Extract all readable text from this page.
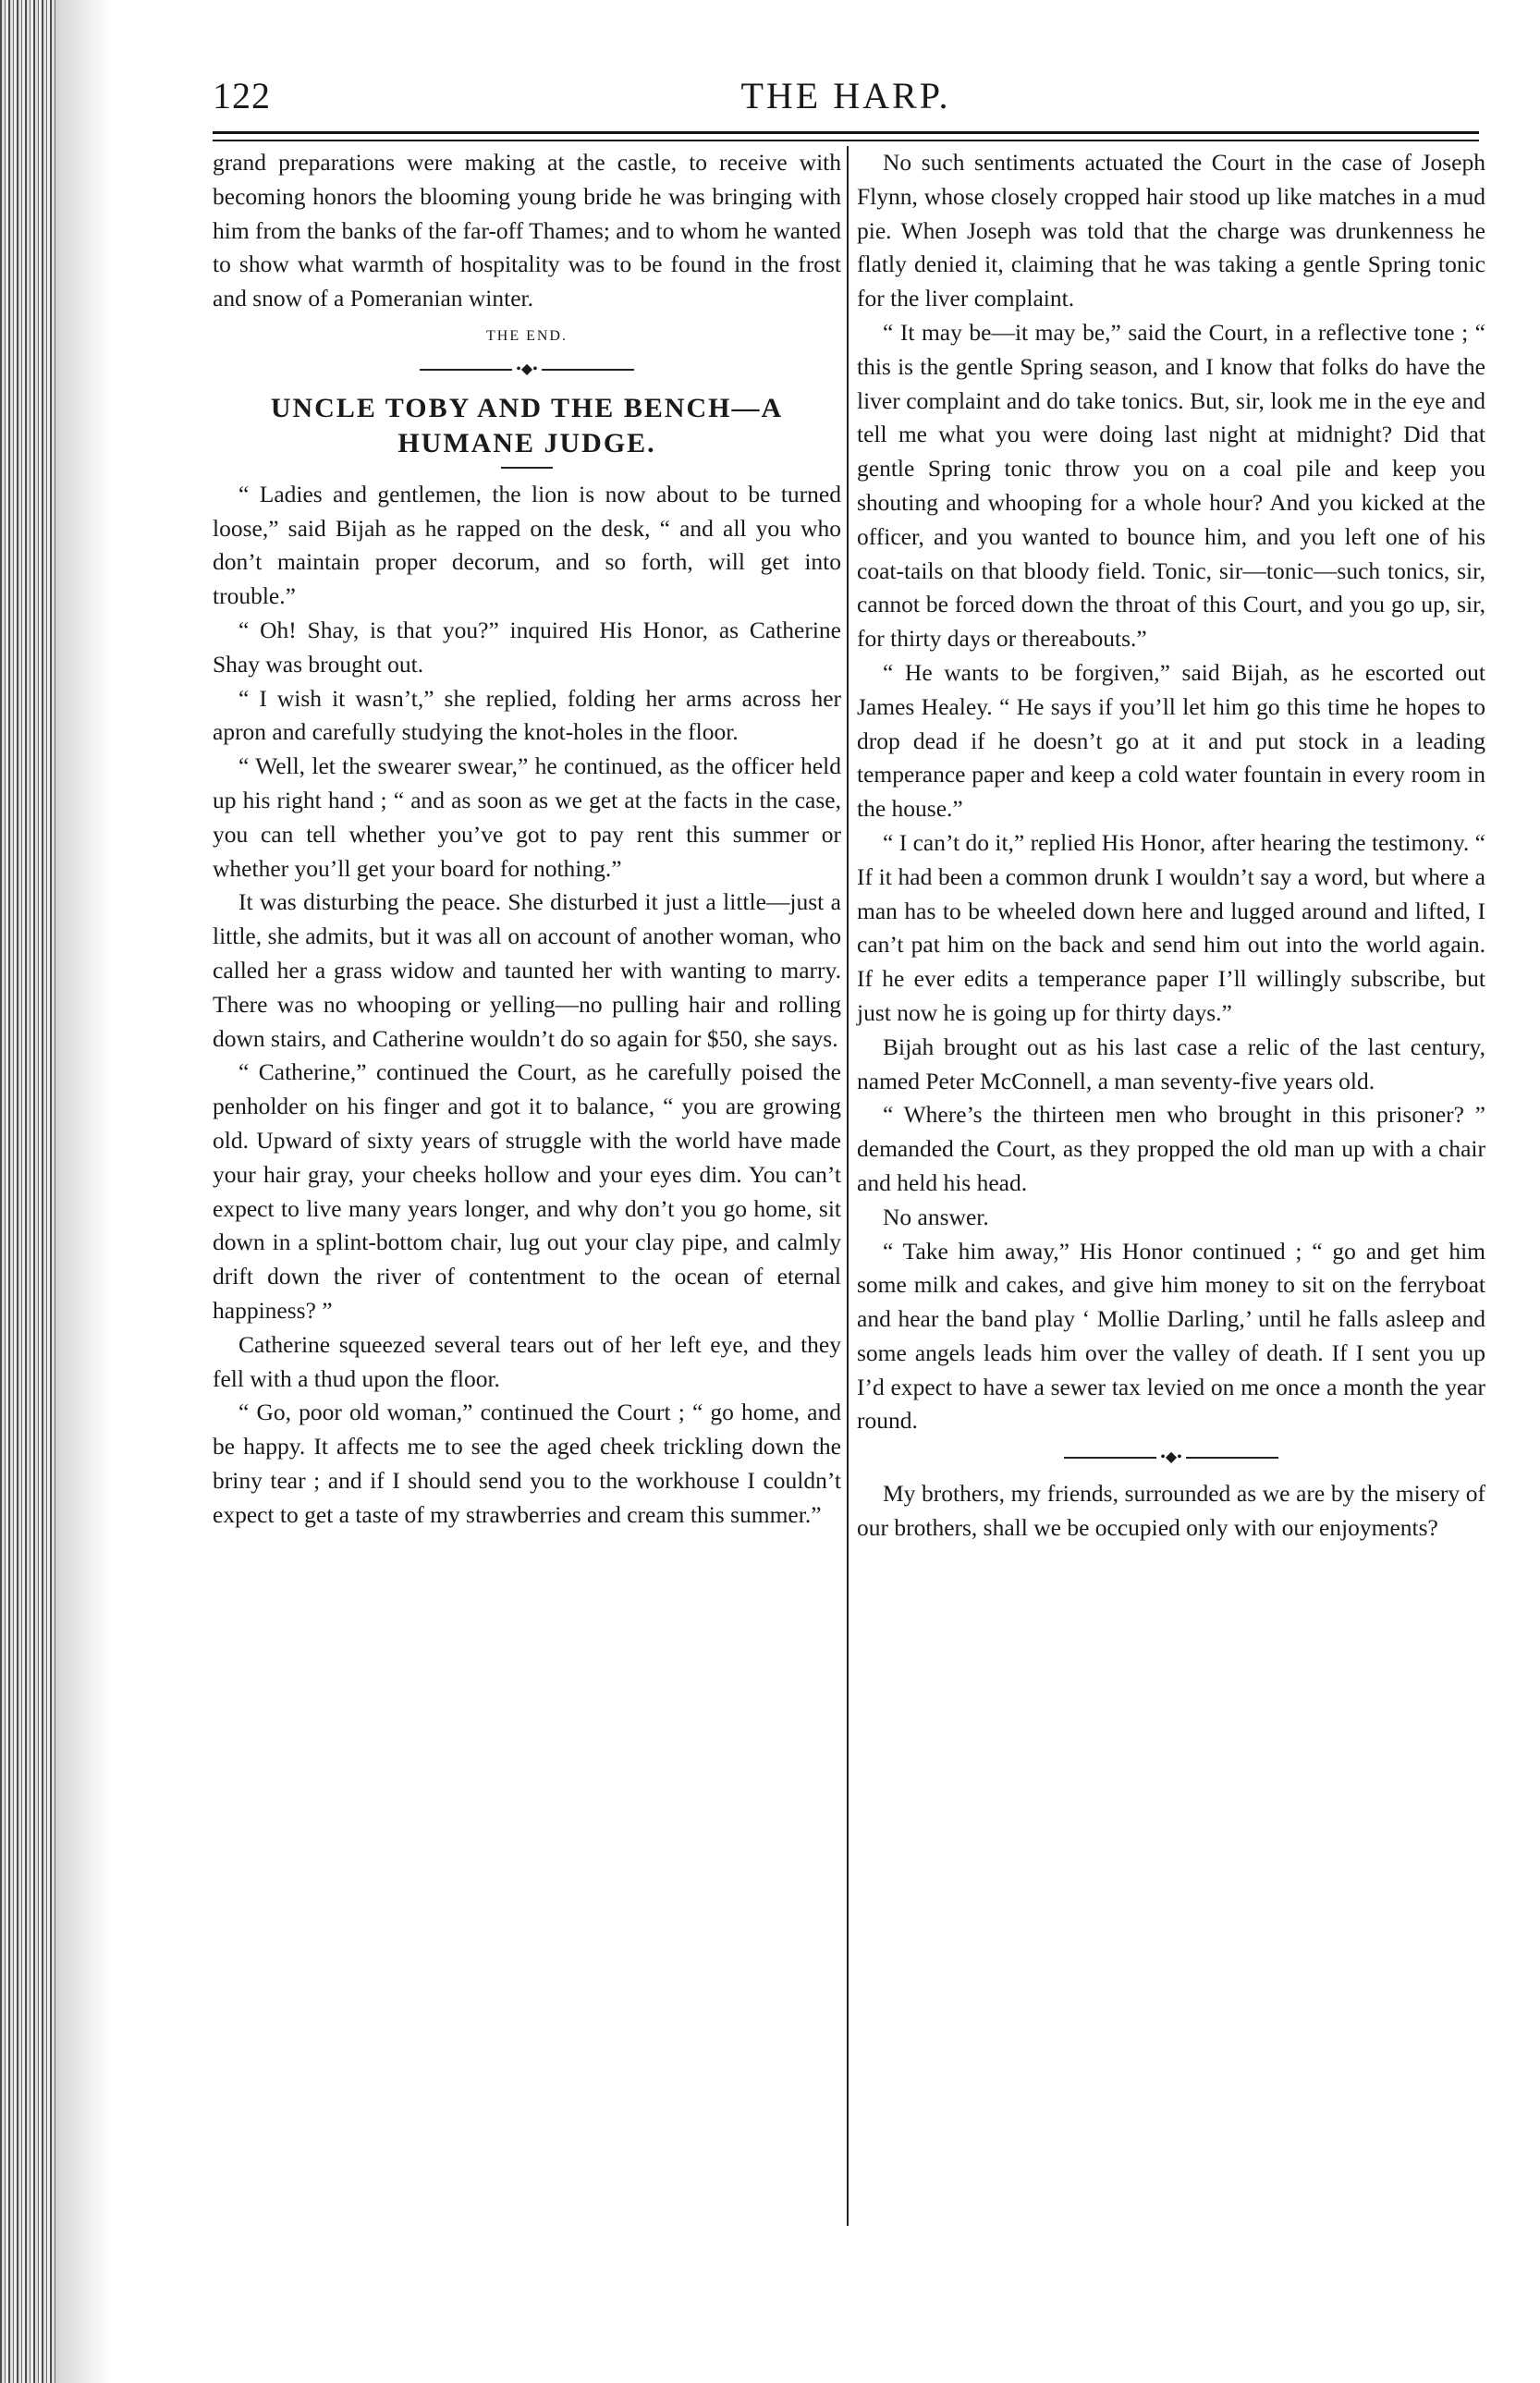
122	THE HARP.

grand preparations were making at the castle, to receive with becoming honors the blooming young bride he was bringing with him from the banks of the far-off Thames; and to whom he wanted to show what warmth of hospitality was to be found in the frost and snow of a Pomeranian winter.

THE END.
•◆•
UNCLE TOBY AND THE BENCH—A HUMANE JUDGE.

“ Ladies and gentlemen, the lion is now about to be turned loose,” said Bijah as he rapped on the desk, “ and all you who don’t maintain proper decorum, and so forth, will get into trouble.”

“ Oh! Shay, is that you?” inquired His Honor, as Catherine Shay was brought out.

“ I wish it wasn’t,” she replied, folding her arms across her apron and carefully studying the knot-holes in the floor.

“ Well, let the swearer swear,” he continued, as the officer held up his right hand ; “ and as soon as we get at the facts in the case, you can tell whether you’ve got to pay rent this summer or whether you’ll get your board for nothing.”

It was disturbing the peace. She disturbed it just a little—just a little, she admits, but it was all on account of another woman, who called her a grass widow and taunted her with wanting to marry. There was no whooping or yelling—no pulling hair and rolling down stairs, and Catherine wouldn’t do so again for $50, she says.

“ Catherine,” continued the Court, as he carefully poised the penholder on his finger and got it to balance, “ you are growing old. Upward of sixty years of struggle with the world have made your hair gray, your cheeks hollow and your eyes dim. You can’t expect to live many years longer, and why don’t you go home, sit down in a splint-bottom chair, lug out your clay pipe, and calmly drift down the river of contentment to the ocean of eternal happiness? ”

Catherine squeezed several tears out of her left eye, and they fell with a thud upon the floor.

“ Go, poor old woman,” continued the Court ; “ go home, and be happy. It affects me to see the aged cheek trickling down the briny tear ; and if I should send you to the workhouse I couldn’t expect to get a taste of my strawberries and cream this summer.”

No such sentiments actuated the Court in the case of Joseph Flynn, whose closely cropped hair stood up like matches in a mud pie. When Joseph was told that the charge was drunkenness he flatly denied it, claiming that he was taking a gentle Spring tonic for the liver complaint.

“ It may be—it may be,” said the Court, in a reflective tone ; “ this is the gentle Spring season, and I know that folks do have the liver complaint and do take tonics. But, sir, look me in the eye and tell me what you were doing last night at midnight? Did that gentle Spring tonic throw you on a coal pile and keep you shouting and whooping for a whole hour? And you kicked at the officer, and you wanted to bounce him, and you left one of his coat-tails on that bloody field. Tonic, sir—tonic—such tonics, sir, cannot be forced down the throat of this Court, and you go up, sir, for thirty days or thereabouts.”

“ He wants to be forgiven,” said Bijah, as he escorted out James Healey. “ He says if you’ll let him go this time he hopes to drop dead if he doesn’t go at it and put stock in a leading temperance paper and keep a cold water fountain in every room in the house.”

“ I can’t do it,” replied His Honor, after hearing the testimony. “ If it had been a common drunk I wouldn’t say a word, but where a man has to be wheeled down here and lugged around and lifted, I can’t pat him on the back and send him out into the world again. If he ever edits a temperance paper I’ll willingly subscribe, but just now he is going up for thirty days.”

Bijah brought out as his last case a relic of the last century, named Peter McConnell, a man seventy-five years old.

“ Where’s the thirteen men who brought in this prisoner? ” demanded the Court, as they propped the old man up with a chair and held his head.

No answer.

“ Take him away,” His Honor continued ; “ go and get him some milk and cakes, and give him money to sit on the ferryboat and hear the band play ‘ Mollie Darling,’ until he falls asleep and some angels leads him over the valley of death. If I sent you up I’d expect to have a sewer tax levied on me once a month the year round.

•◆•

My brothers, my friends, surrounded as we are by the misery of our brothers, shall we be occupied only with our enjoyments?
